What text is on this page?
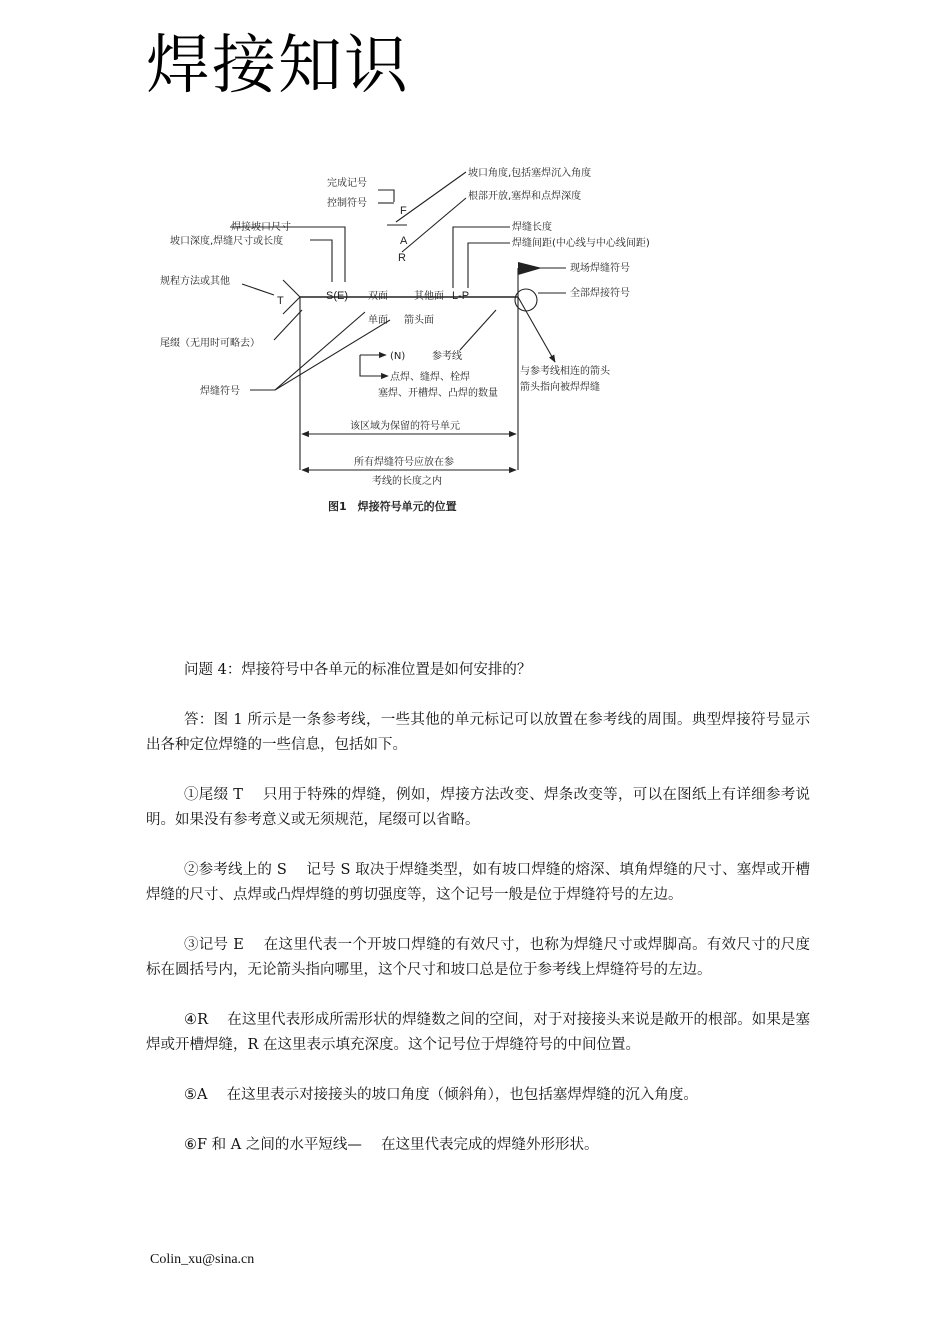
焊接知识
完成记号
控制符号
焊接坡口尺寸
坡口深度,焊缝尺寸或长度
规程方法或其他
尾缀（无用时可略去）
焊缝符号
坡口角度,包括塞焊沉入角度
根部开放,塞焊和点焊深度
焊缝长度
焊缝间距(中心线与中心线间距)
现场焊缝符号
全部焊接符号
F
A
R
T	S(E)	L-P
双面	其他面
单面 箭头面
(N)	参考线
点焊、缝焊、栓焊
塞焊、开槽焊、凸焊的数量
与参考线相连的箭头
箭头指向被焊焊缝
该区域为保留的符号单元
所有焊缝符号应放在参
考线的长度之内
图1　焊接符号单元的位置

问题 4：焊接符号中各单元的标准位置是如何安排的？

答：图 1 所示是一条参考线，一些其他的单元标记可以放置在参考线的周围。典型焊接符号显示出各种定位焊缝的一些信息，包括如下。

①尾缀 T　 只用于特殊的焊缝，例如，焊接方法改变、焊条改变等，可以在图纸上有详细参考说明。如果没有参考意义或无须规范，尾缀可以省略。

②参考线上的 S　 记号 S 取决于焊缝类型，如有坡口焊缝的熔深、填角焊缝的尺寸、塞焊或开槽焊缝的尺寸、点焊或凸焊焊缝的剪切强度等，这个记号一般是位于焊缝符号的左边。

③记号 E　 在这里代表一个开坡口焊缝的有效尺寸，也称为焊缝尺寸或焊脚高。有效尺寸的尺度标在圆括号内，无论箭头指向哪里，这个尺寸和坡口总是位于参考线上焊缝符号的左边。

④R　 在这里代表形成所需形状的焊缝数之间的空间，对于对接接头来说是敞开的根部。如果是塞焊或开槽焊缝，R 在这里表示填充深度。这个记号位于焊缝符号的中间位置。

⑤A　 在这里表示对接接头的坡口角度（倾斜角），也包括塞焊焊缝的沉入角度。

⑥F 和 A 之间的水平短线—　 在这里代表完成的焊缝外形形状。

Colin_xu@sina.cn
